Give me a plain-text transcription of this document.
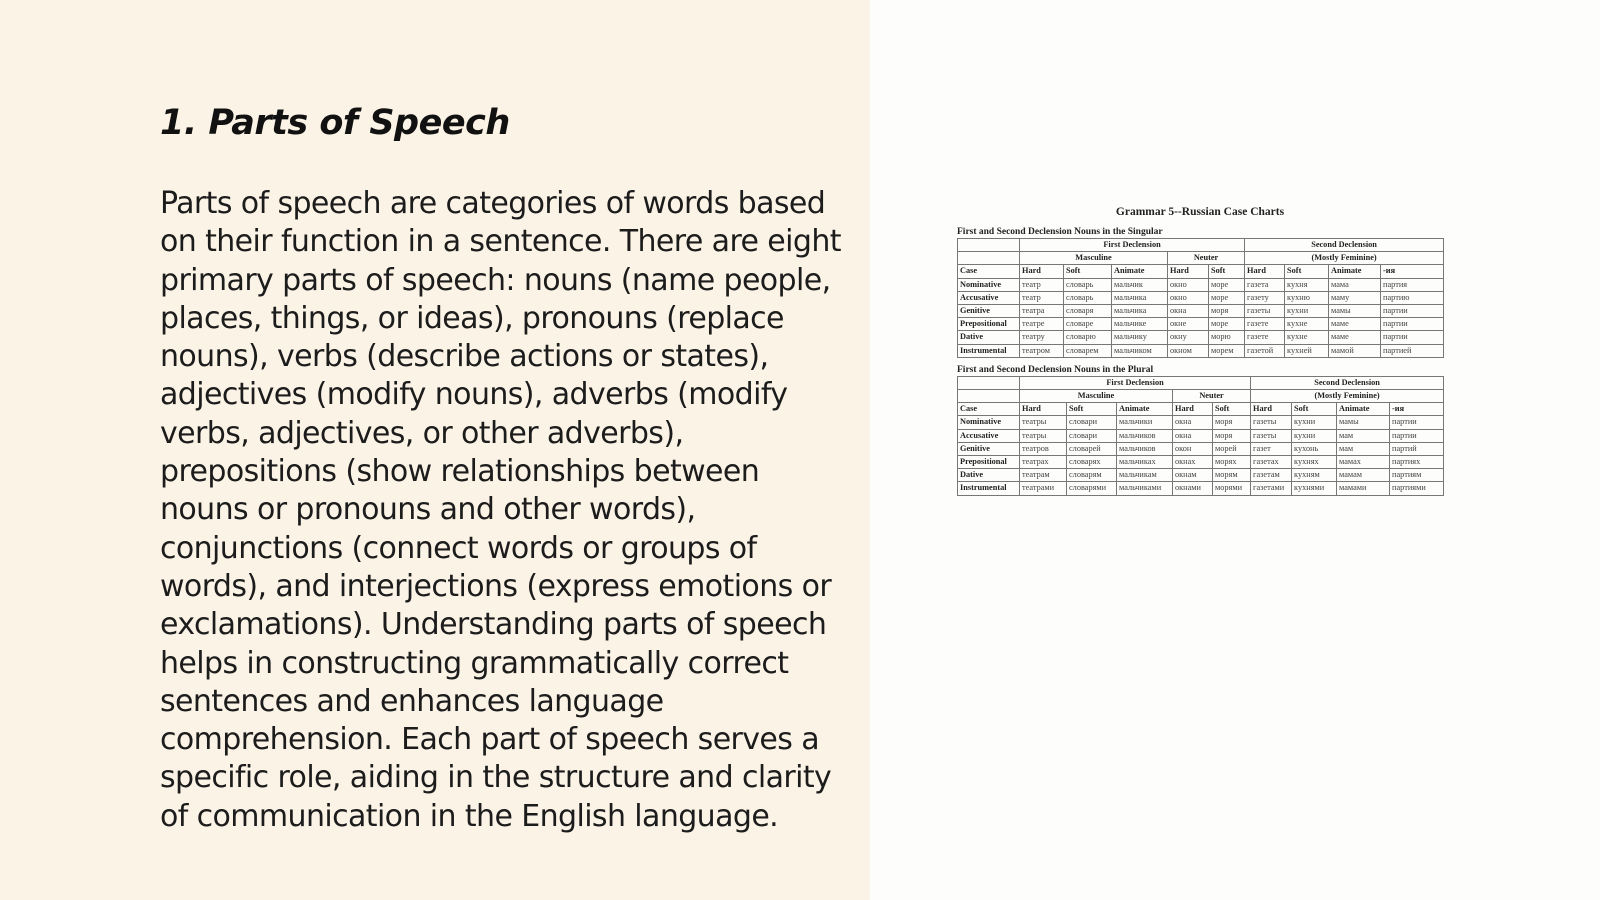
1. Parts of Speech

Parts of speech are categories of words based on their function in a sentence. There are eight primary parts of speech: nouns (name people, places, things, or ideas), pronouns (replace nouns), verbs (describe actions or states), adjectives (modify nouns), adverbs (modify verbs, adjectives, or other adverbs), prepositions (show relationships between nouns or pronouns and other words), conjunctions (connect words or groups of words), and interjections (express emotions or exclamations). Understanding parts of speech helps in constructing grammatically correct sentences and enhances language comprehension. Each part of speech serves a specific role, aiding in the structure and clarity of communication in the English language.

Grammar 5--Russian Case Charts
First and Second Declension Nouns in the Singular
	First Declension					Second Declension			
	Masculine			Neuter		(Mostly Feminine)			
Case	Hard	Soft	Animate	Hard	Soft	Hard	Soft	Animate	-ия
Nominative	театр	словарь	мальчик	окно	море	газета	кухня	мама	партия
Accusative	театр	словарь	мальчика	окно	море	газету	кухню	маму	партию
Genitive	театра	словаря	мальчика	окна	моря	газеты	кухни	мамы	партии
Prepositional	театре	словаре	мальчике	окне	море	газете	кухне	маме	партии
Dative	театру	словарю	мальчику	окну	морю	газете	кухне	маме	партии
Instrumental	театром	словарем	мальчиком	окном	морем	газетой	кухней	мамой	партией
First and Second Declension Nouns in the Plural
	First Declension					Second Declension			
	Masculine			Neuter		(Mostly Feminine)			
Case	Hard	Soft	Animate	Hard	Soft	Hard	Soft	Animate	-ия
Nominative	театры	словари	мальчики	окна	моря	газеты	кухни	мамы	партии
Accusative	театры	словари	мальчиков	окна	моря	газеты	кухни	мам	партии
Genitive	театров	словарей	мальчиков	окон	морей	газет	кухонь	мам	партий
Prepositional	театрах	словарях	мальчиках	окнах	морях	газетах	кухнях	мамах	партиях
Dative	театрам	словарям	мальчикам	окнам	морям	газетам	кухням	мамам	партиям
Instrumental	театрами	словарями	мальчиками	окнами	морями	газетами	кухнями	мамами	партиями
